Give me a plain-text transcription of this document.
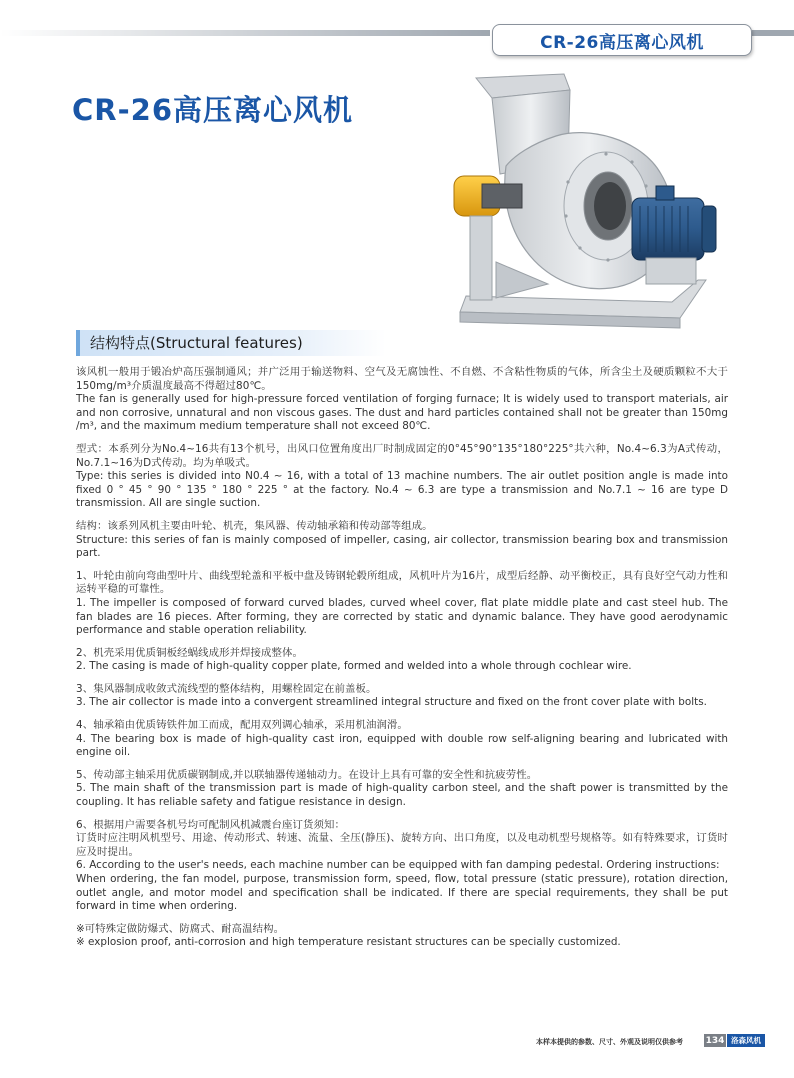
CR-26高压离心风机
CR-26高压离心风机
结构特点(Structural features)
该风机一般用于锻冶炉高压强制通风；并广泛用于输送物料、空气及无腐蚀性、不自燃、不含粘性物质的气体，所含尘土及硬质颗粒不大于150mg/m³介质温度最高不得超过80℃。
The fan is generally used for high-pressure forced ventilation of forging furnace; It is widely used to transport materials, air and non corrosive, unnatural and non viscous gases. The dust and hard particles contained shall not be greater than 150mg /m³, and the maximum medium temperature shall not exceed 80℃.
型式：本系列分为No.4~16共有13个机号，出风口位置角度出厂时制成固定的0°45°90°135°180°225°共六种，No.4~6.3为A式传动，No.7.1~16为D式传动。均为单吸式。
Type: this series is divided into N0.4 ~ 16, with a total of 13 machine numbers. The air outlet position angle is made into fixed 0 ° 45 ° 90 ° 135 ° 180 ° 225 ° at the factory. No.4 ~ 6.3 are type a transmission and No.7.1 ~ 16 are type D transmission. All are single suction.
结构：该系列风机主要由叶轮、机壳，集风器、传动轴承箱和传动部等组成。
Structure: this series of fan is mainly composed of impeller, casing, air collector, transmission bearing box and transmission part.
1、叶轮由前向弯曲型叶片、曲线型轮盖和平板中盘及铸钢轮毂所组成，风机叶片为16片，成型后经静、动平衡校正，具有良好空气动力性和运转平稳的可靠性。
1. The impeller is composed of forward curved blades, curved wheel cover, flat plate middle plate and cast steel hub. The fan blades are 16 pieces. After forming, they are corrected by static and dynamic balance. They have good aerodynamic performance and stable operation reliability.
2、机壳采用优质铜板经蜗线成形并焊接成整体。
2. The casing is made of high-quality copper plate, formed and welded into a whole through cochlear wire.
3、集风器制成收敛式流线型的整体结构，用螺栓固定在前盖板。
3. The air collector is made into a convergent streamlined integral structure and fixed on the front cover plate with bolts.
4、轴承箱由优质铸铁件加工而成，配用双列调心轴承，采用机油润滑。
4. The bearing box is made of high-quality cast iron, equipped with double row self-aligning bearing and lubricated with engine oil.
5、传动部主轴采用优质碳钢制成,并以联轴器传递轴动力。在设计上具有可靠的安全性和抗疲劳性。
5. The main shaft of the transmission part is made of high-quality carbon steel, and the shaft power is transmitted by the coupling. It has reliable safety and fatigue resistance in design.
6、根据用户需要各机号均可配制风机减震台座订货须知：
订货时应注明风机型号、用途、传动形式、转速、流量、全压(静压)、旋转方向、出口角度，以及电动机型号规格等。如有特殊要求，订货时应及时提出。
6. According to the user's needs, each machine number can be equipped with fan damping pedestal. Ordering instructions:
When ordering, the fan model, purpose, transmission form, speed, flow, total pressure (static pressure), rotation direction, outlet angle, and motor model and specification shall be indicated. If there are special requirements, they shall be put forward in time when ordering.
※可特殊定做防爆式、防腐式、耐高温结构。
※ explosion proof, anti-corrosion and high temperature resistant structures can be specially customized.
本样本提供的参数、尺寸、外观及说明仅供参考	134 洛森风机
